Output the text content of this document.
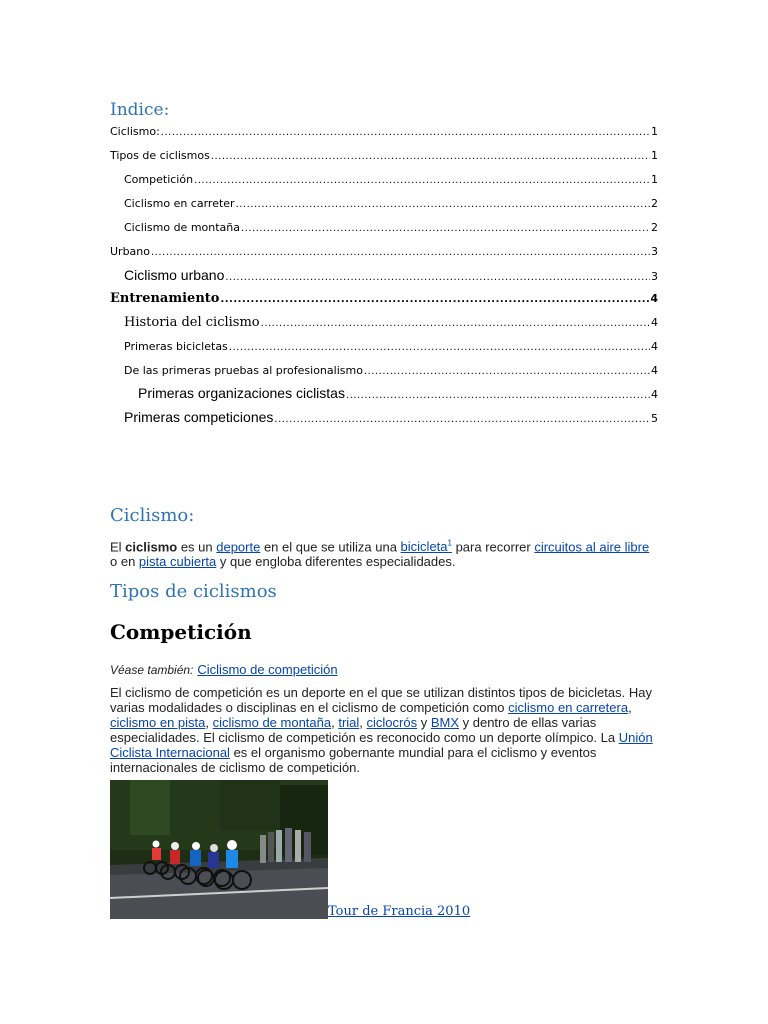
Indice:
Ciclismo: .....	1
Tipos de ciclismos .....	1
Competición .....	1
Ciclismo en carreter .....	2
Ciclismo de montaña .....	2
Urbano .....	3
Ciclismo urbano .....	3
Entrenamiento .....	4
Historia del ciclismo .....	4
Primeras bicicletas .....	4
De las primeras pruebas al profesionalismo .....	4
Primeras organizaciones ciclistas .....	4
Primeras competiciones .....	5
Ciclismo:
El ciclismo es un deporte en el que se utiliza una bicicleta$^1$ para recorrer circuitos al aire libre o en pista cubierta y que engloba diferentes especialidades.
Tipos de ciclismos
Competición
Véase también: Ciclismo de competición
El ciclismo de competición es un deporte en el que se utilizan distintos tipos de bicicletas. Hay varias modalidades o disciplinas en el ciclismo de competición como ciclismo en carretera, ciclismo en pista, ciclismo de montaña, trial, ciclocrós y BMX y dentro de ellas varias especialidades. El ciclismo de competición es reconocido como un deporte olímpico. La Unión Ciclista Internacional es el organismo gobernante mundial para el ciclismo y eventos internacionales de ciclismo de competición.
Tour de Francia 2010
